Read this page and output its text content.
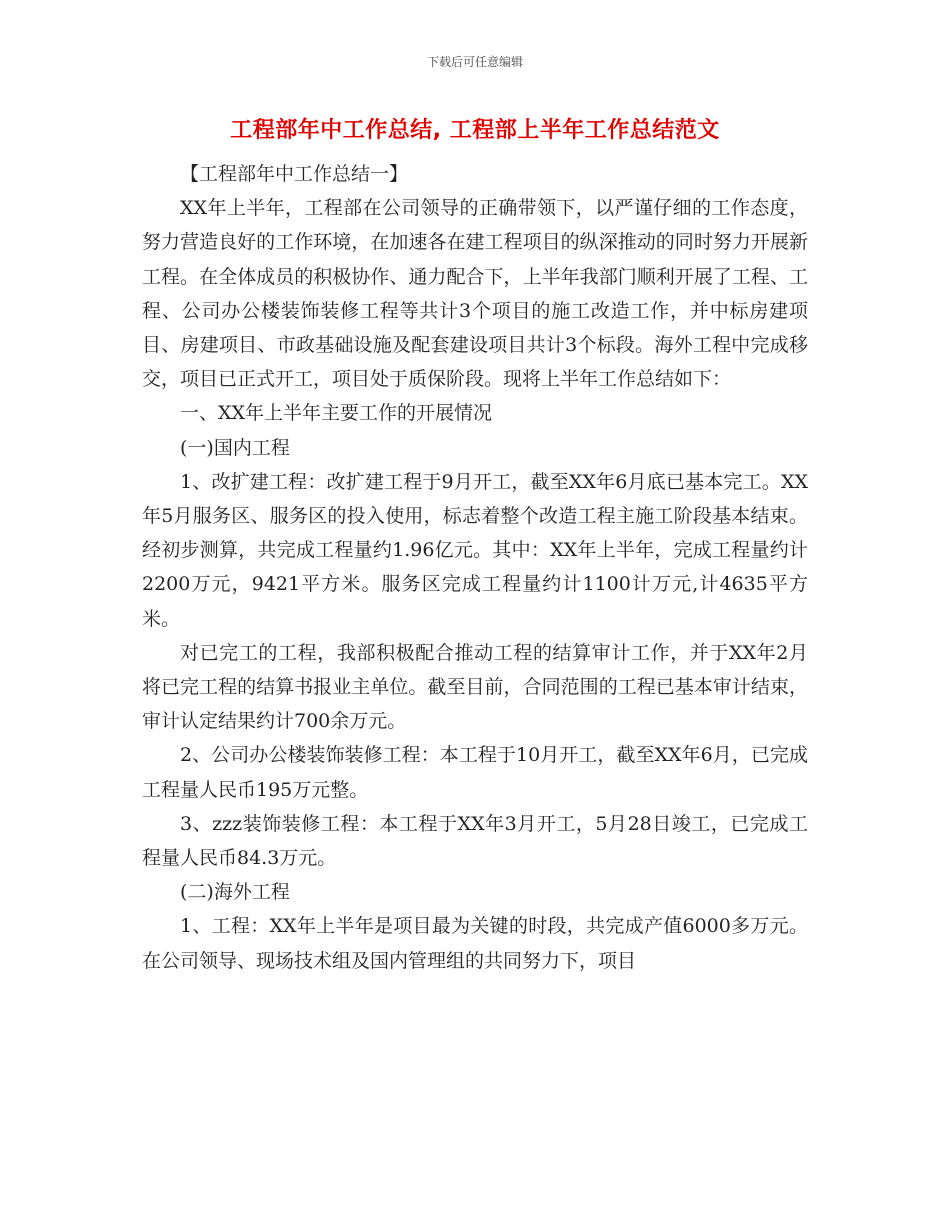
下载后可任意编辑
工程部年中工作总结, 工程部上半年工作总结范文

【工程部年中工作总结一】

XX年上半年，工程部在公司领导的正确带领下，以严谨仔细的工作态度，努力营造良好的工作环境，在加速各在建工程项目的纵深推动的同时努力开展新工程。在全体成员的积极协作、通力配合下，上半年我部门顺利开展了工程、工程、公司办公楼装饰装修工程等共计3个项目的施工改造工作，并中标房建项目、房建项目、市政基础设施及配套建设项目共计3个标段。海外工程中完成移交，项目已正式开工，项目处于质保阶段。现将上半年工作总结如下：

一、XX年上半年主要工作的开展情况

(一)国内工程

1、改扩建工程：改扩建工程于9月开工，截至XX年6月底已基本完工。XX年5月服务区、服务区的投入使用，标志着整个改造工程主施工阶段基本结束。经初步测算，共完成工程量约1.96亿元。其中：XX年上半年，完成工程量约计2200万元，9421平方米。服务区完成工程量约计1100计万元,计4635平方米。

对已完工的工程，我部积极配合推动工程的结算审计工作，并于XX年2月将已完工程的结算书报业主单位。截至目前，合同范围的工程已基本审计结束，审计认定结果约计700余万元。

2、公司办公楼装饰装修工程：本工程于10月开工，截至XX年6月，已完成工程量人民币195万元整。

3、zzz装饰装修工程：本工程于XX年3月开工，5月28日竣工，已完成工程量人民币84.3万元。

(二)海外工程

1、工程：XX年上半年是项目最为关键的时段，共完成产值6000多万元。在公司领导、现场技术组及国内管理组的共同努力下，项目
